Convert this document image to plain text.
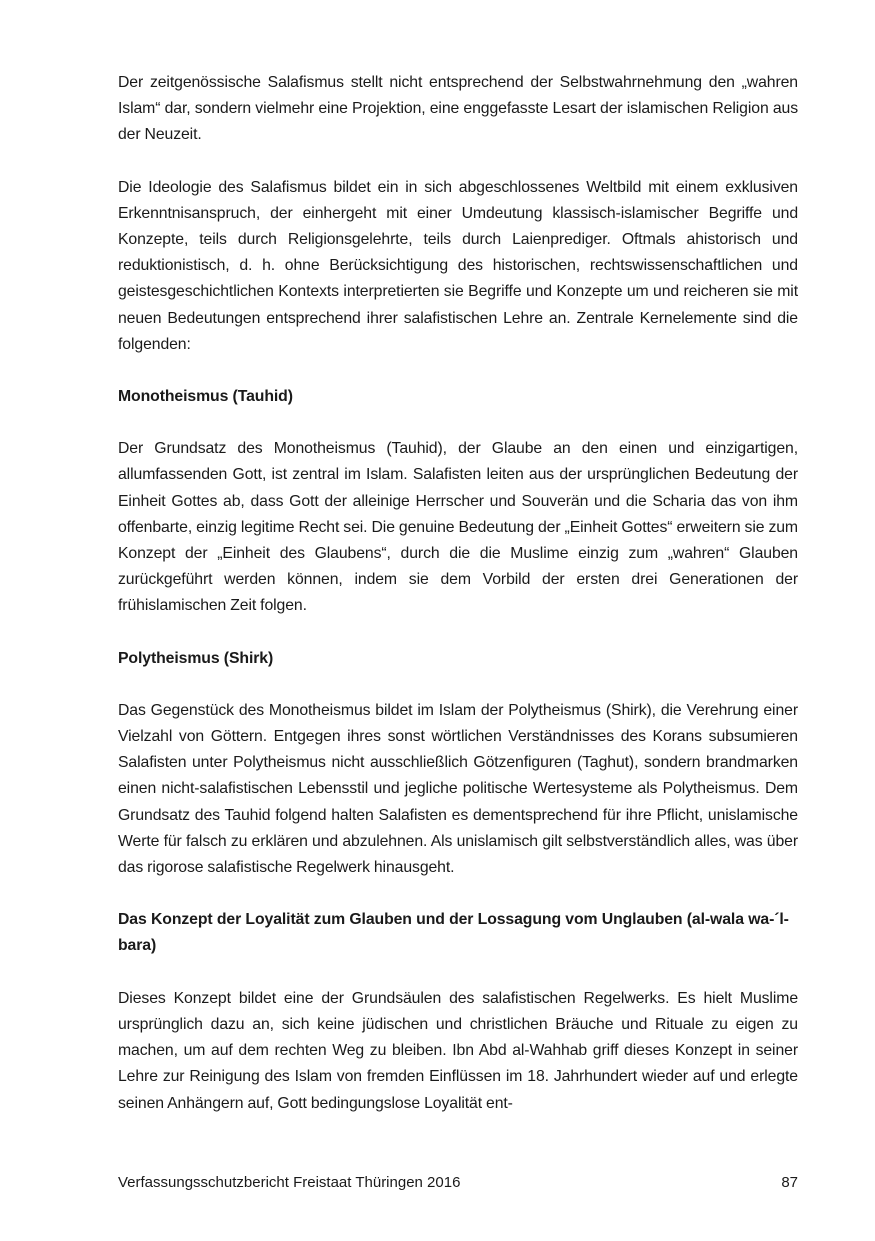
Der zeitgenössische Salafismus stellt nicht entsprechend der Selbstwahrnehmung den „wahren Islam“ dar, sondern vielmehr eine Projektion, eine enggefasste Lesart der islamischen Religion aus der Neuzeit.

Die Ideologie des Salafismus bildet ein in sich abgeschlossenes Weltbild mit einem exklusiven Erkenntnisanspruch, der einhergeht mit einer Umdeutung klassisch-islamischer Begriffe und Konzepte, teils durch Religionsgelehrte, teils durch Laienprediger. Oftmals ahistorisch und reduktionistisch, d. h. ohne Berücksichtigung des historischen, rechtswissenschaftlichen und geistesgeschichtlichen Kontexts interpretierten sie Begriffe und Konzepte um und reicheren sie mit neuen Bedeutungen entsprechend ihrer salafistischen Lehre an. Zentrale Kernelemente sind die folgenden:

Monotheismus (Tauhid)

Der Grundsatz des Monotheismus (Tauhid), der Glaube an den einen und einzigartigen, allumfassenden Gott, ist zentral im Islam. Salafisten leiten aus der ursprünglichen Bedeutung der Einheit Gottes ab, dass Gott der alleinige Herrscher und Souverän und die Scharia das von ihm offenbarte, einzig legitime Recht sei. Die genuine Bedeutung der „Einheit Gottes“ erweitern sie zum Konzept der „Einheit des Glaubens“, durch die die Muslime einzig zum „wahren“ Glauben zurückgeführt werden können, indem sie dem Vorbild der ersten drei Generationen der frühislamischen Zeit folgen.

Polytheismus (Shirk)

Das Gegenstück des Monotheismus bildet im Islam der Polytheismus (Shirk), die Verehrung einer Vielzahl von Göttern. Entgegen ihres sonst wörtlichen Verständnisses des Korans subsumieren Salafisten unter Polytheismus nicht ausschließlich Götzenfiguren (Taghut), sondern brandmarken einen nicht-salafistischen Lebensstil und jegliche politische Wertesysteme als Polytheismus. Dem Grundsatz des Tauhid folgend halten Salafisten es dementsprechend für ihre Pflicht, unislamische Werte für falsch zu erklären und abzulehnen. Als unislamisch gilt selbstverständlich alles, was über das rigorose salafistische Regelwerk hinausgeht.

Das Konzept der Loyalität zum Glauben und der Lossagung vom Unglauben (al-wala wa-´l-bara)

Dieses Konzept bildet eine der Grundsäulen des salafistischen Regelwerks. Es hielt Muslime ursprünglich dazu an, sich keine jüdischen und christlichen Bräuche und Rituale zu eigen zu machen, um auf dem rechten Weg zu bleiben. Ibn Abd al-Wahhab griff dieses Konzept in seiner Lehre zur Reinigung des Islam von fremden Einflüssen im 18. Jahrhundert wieder auf und erlegte seinen Anhängern auf, Gott bedingungslose Loyalität ent-

Verfassungsschutzbericht Freistaat Thüringen 2016	87
